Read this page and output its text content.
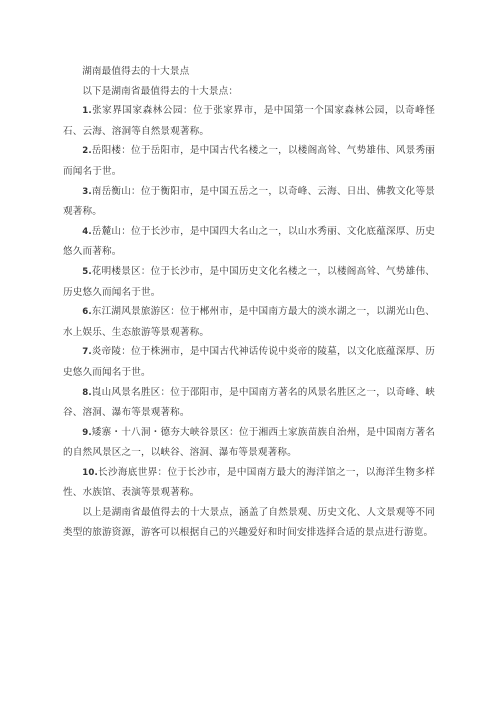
湖南最值得去的十大景点

以下是湖南省最值得去的十大景点：

1.张家界国家森林公园：位于张家界市，是中国第一个国家森林公园，以奇峰怪石、云海、溶洞等自然景观著称。

2.岳阳楼：位于岳阳市，是中国古代名楼之一，以楼阁高耸、气势雄伟、风景秀丽而闻名于世。

3.南岳衡山：位于衡阳市，是中国五岳之一，以奇峰、云海、日出、佛教文化等景观著称。

4.岳麓山：位于长沙市，是中国四大名山之一，以山水秀丽、文化底蕴深厚、历史悠久而著称。

5.花明楼景区：位于长沙市，是中国历史文化名楼之一，以楼阁高耸、气势雄伟、历史悠久而闻名于世。

6.东江湖风景旅游区：位于郴州市，是中国南方最大的淡水湖之一，以湖光山色、水上娱乐、生态旅游等景观著称。

7.炎帝陵：位于株洲市，是中国古代神话传说中炎帝的陵墓，以文化底蕴深厚、历史悠久而闻名于世。

8.崀山风景名胜区：位于邵阳市，是中国南方著名的风景名胜区之一，以奇峰、峡谷、溶洞、瀑布等景观著称。

9.矮寨・十八洞・德夯大峡谷景区：位于湘西土家族苗族自治州，是中国南方著名的自然风景区之一，以峡谷、溶洞、瀑布等景观著称。

10.长沙海底世界：位于长沙市，是中国南方最大的海洋馆之一，以海洋生物多样性、水族馆、表演等景观著称。

以上是湖南省最值得去的十大景点，涵盖了自然景观、历史文化、人文景观等不同类型的旅游资源，游客可以根据自己的兴趣爱好和时间安排选择合适的景点进行游览。
